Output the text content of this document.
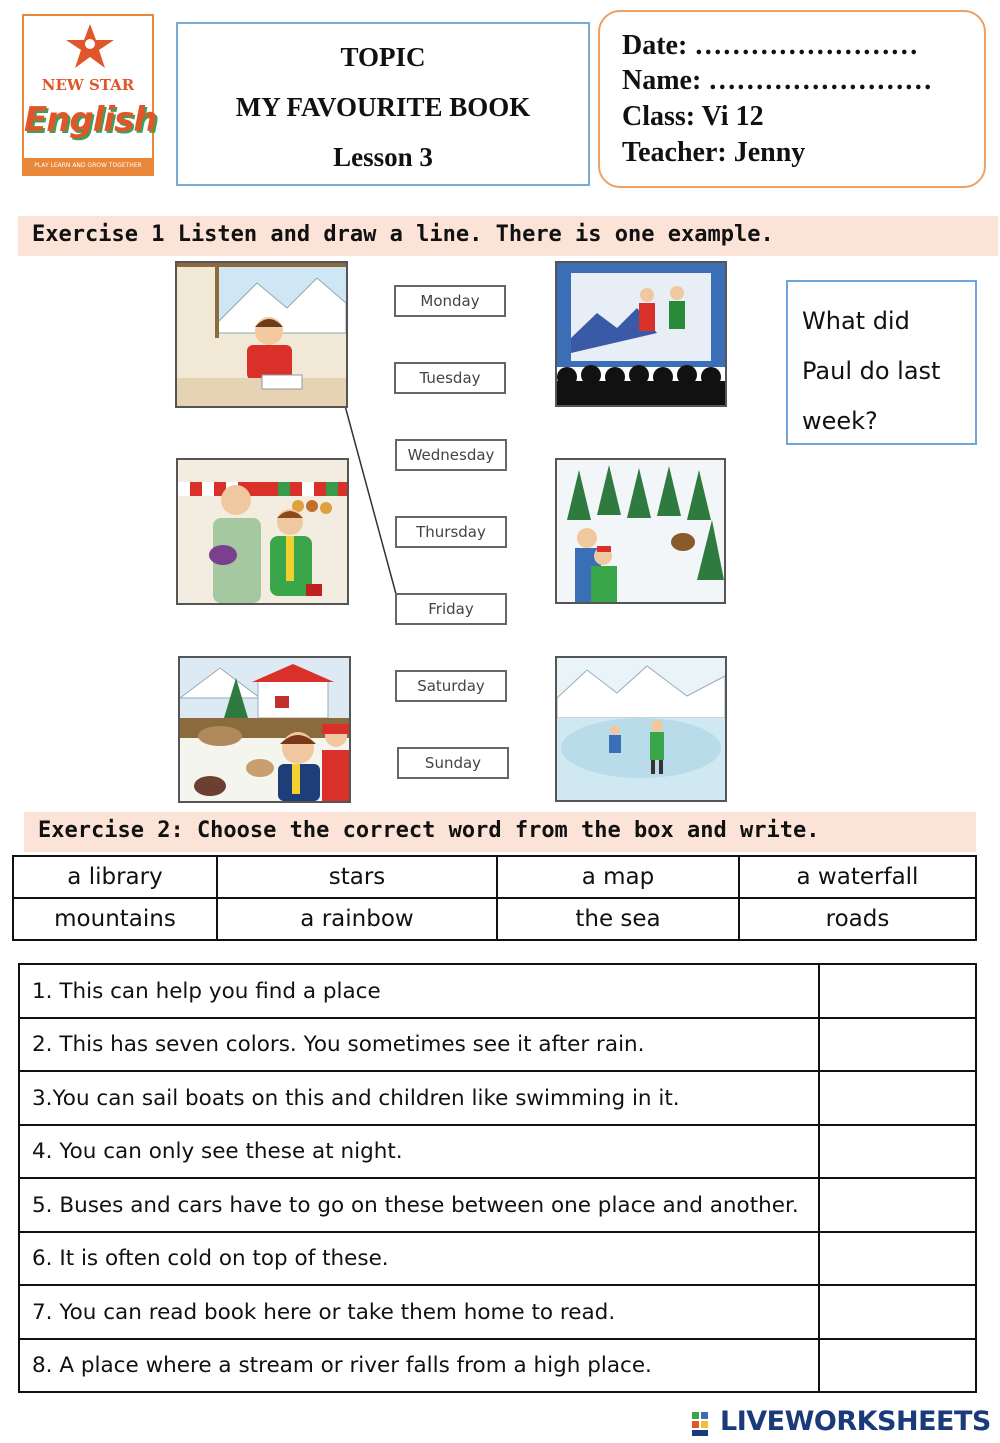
NEW STAR
English
PLAY LEARN AND GROW TOGETHER
TOPIC
MY FAVOURITE BOOK
Lesson 3
Date: ……………………
Name: ……………………
Class: Vi 12
Teacher: Jenny
Exercise 1 Listen and draw a line. There is one example.
Monday
Tuesday
Wednesday
Thursday
Friday
Saturday
Sunday
What did
Paul do last
week?
Exercise 2: Choose the correct word from the box and write.
a library	stars	a map	a waterfall
mountains	a rainbow	the sea	roads
1. This can help you find a place	
2. This has seven colors. You sometimes see it after rain.	
3.You can sail boats on this and children like swimming in it.	
4. You can only see these at night.	
5. Buses and cars have to go on these between one place and another.	
6. It is often cold on top of these.	
7. You can read book here or take them home to read.	
8. A place where a stream or river falls from a high place.	
LIVEWORKSHEETS
